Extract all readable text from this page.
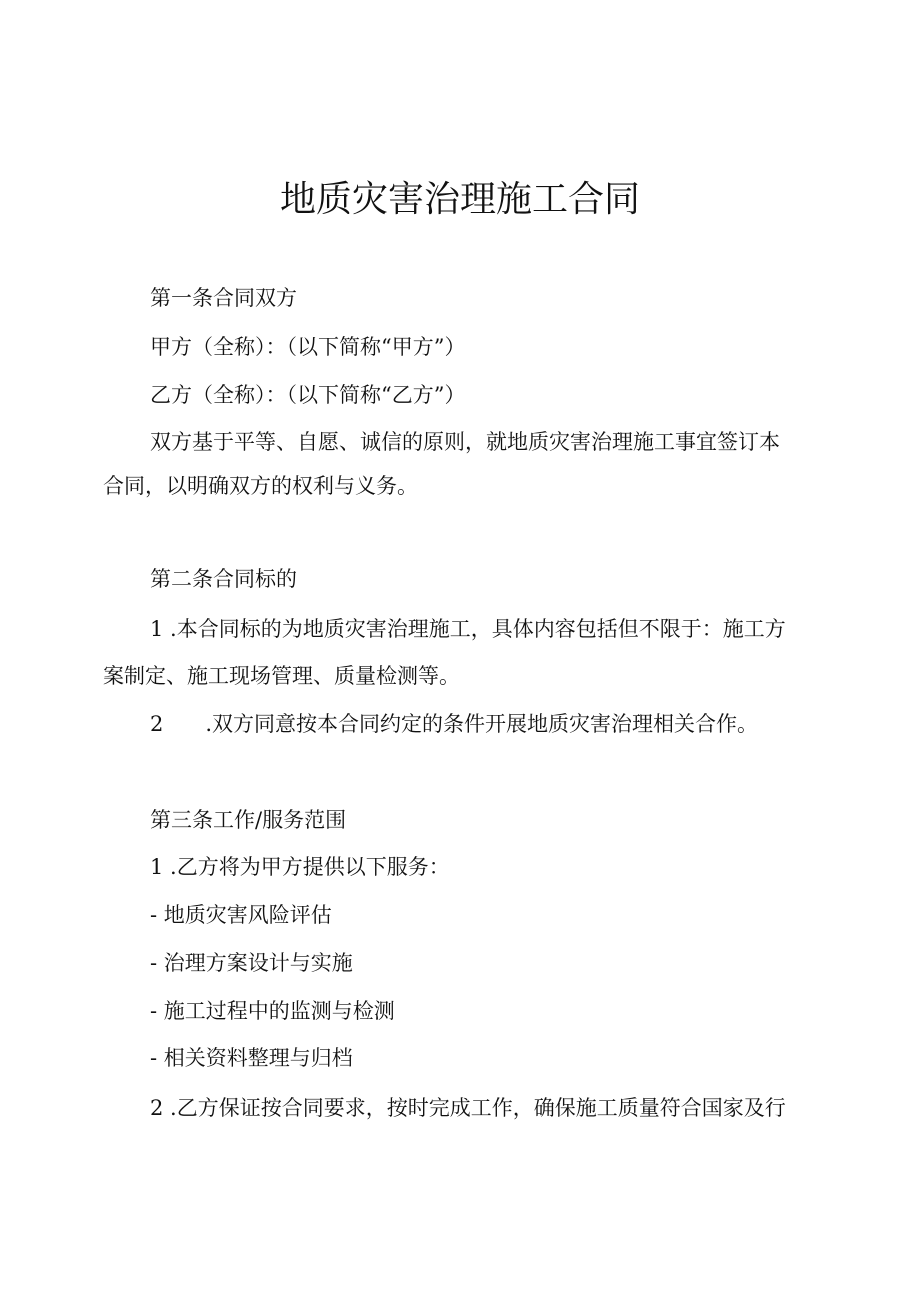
地质灾害治理施工合同

第一条合同双方

甲方（全称）：（以下简称“甲方”）

乙方（全称）：（以下简称“乙方”）

双方基于平等、自愿、诚信的原则，就地质灾害治理施工事宜签订本

合同，以明确双方的权利与义务。

第二条合同标的

1 .本合同标的为地质灾害治理施工，具体内容包括但不限于：施工方

案制定、施工现场管理、质量检测等。

2 .双方同意按本合同约定的条件开展地质灾害治理相关合作。

第三条工作/服务范围

1 .乙方将为甲方提供以下服务：

- 地质灾害风险评估

- 治理方案设计与实施

- 施工过程中的监测与检测

- 相关资料整理与归档

2 .乙方保证按合同要求，按时完成工作，确保施工质量符合国家及行
